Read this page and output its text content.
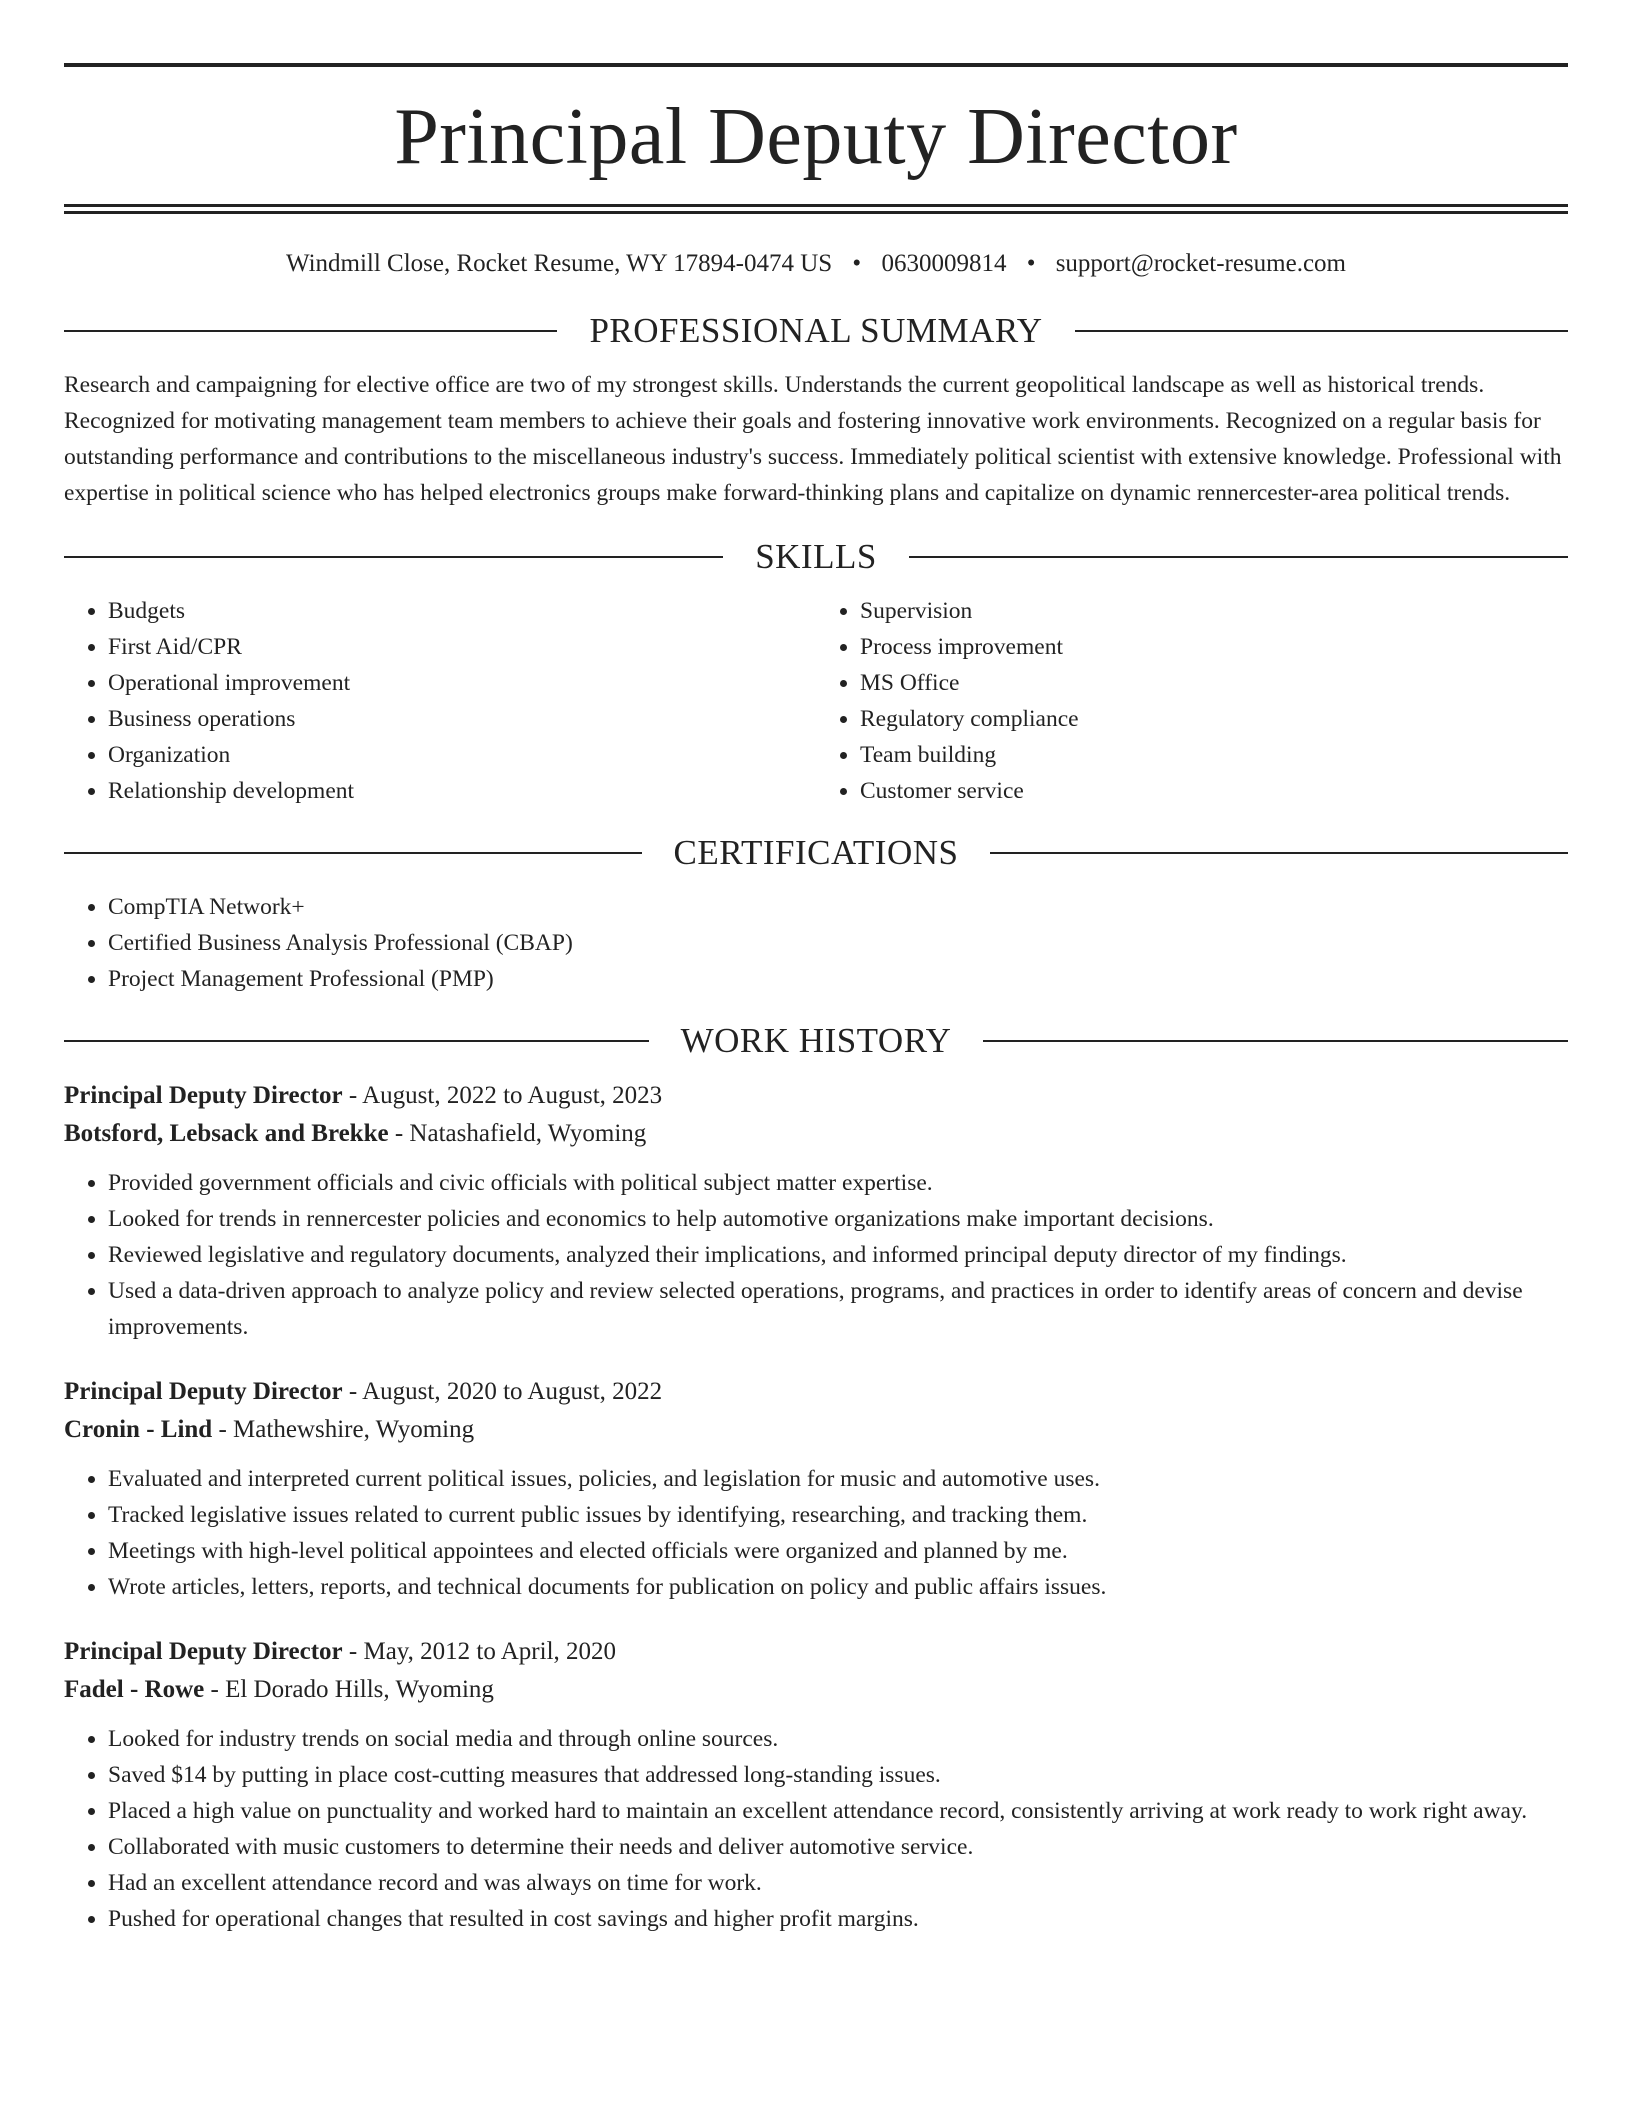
Principal Deputy Director
Windmill Close, Rocket Resume, WY 17894-0474 US • 0630009814 • support@rocket-resume.com
PROFESSIONAL SUMMARY

Research and campaigning for elective office are two of my strongest skills. Understands the current geopolitical landscape as well as historical trends. Recognized for motivating management team members to achieve their goals and fostering innovative work environments. Recognized on a regular basis for outstanding performance and contributions to the miscellaneous industry's success. Immediately political scientist with extensive knowledge. Professional with expertise in political science who has helped electronics groups make forward-thinking plans and capitalize on dynamic rennercester-area political trends.

SKILLS
• Budgets
• First Aid/CPR
• Operational improvement
• Business operations
• Organization
• Relationship development
• Supervision
• Process improvement
• MS Office
• Regulatory compliance
• Team building
• Customer service
CERTIFICATIONS
• CompTIA Network+
• Certified Business Analysis Professional (CBAP)
• Project Management Professional (PMP)
WORK HISTORY
Principal Deputy Director - August, 2022 to August, 2023
Botsford, Lebsack and Brekke - Natashafield, Wyoming
• Provided government officials and civic officials with political subject matter expertise.
• Looked for trends in rennercester policies and economics to help automotive organizations make important decisions.
• Reviewed legislative and regulatory documents, analyzed their implications, and informed principal deputy director of my findings.
• Used a data-driven approach to analyze policy and review selected operations, programs, and practices in order to identify areas of concern and devise improvements.
Principal Deputy Director - August, 2020 to August, 2022
Cronin - Lind - Mathewshire, Wyoming
• Evaluated and interpreted current political issues, policies, and legislation for music and automotive uses.
• Tracked legislative issues related to current public issues by identifying, researching, and tracking them.
• Meetings with high-level political appointees and elected officials were organized and planned by me.
• Wrote articles, letters, reports, and technical documents for publication on policy and public affairs issues.
Principal Deputy Director - May, 2012 to April, 2020
Fadel - Rowe - El Dorado Hills, Wyoming
• Looked for industry trends on social media and through online sources.
• Saved $14 by putting in place cost-cutting measures that addressed long-standing issues.
• Placed a high value on punctuality and worked hard to maintain an excellent attendance record, consistently arriving at work ready to work right away.
• Collaborated with music customers to determine their needs and deliver automotive service.
• Had an excellent attendance record and was always on time for work.
• Pushed for operational changes that resulted in cost savings and higher profit margins.
